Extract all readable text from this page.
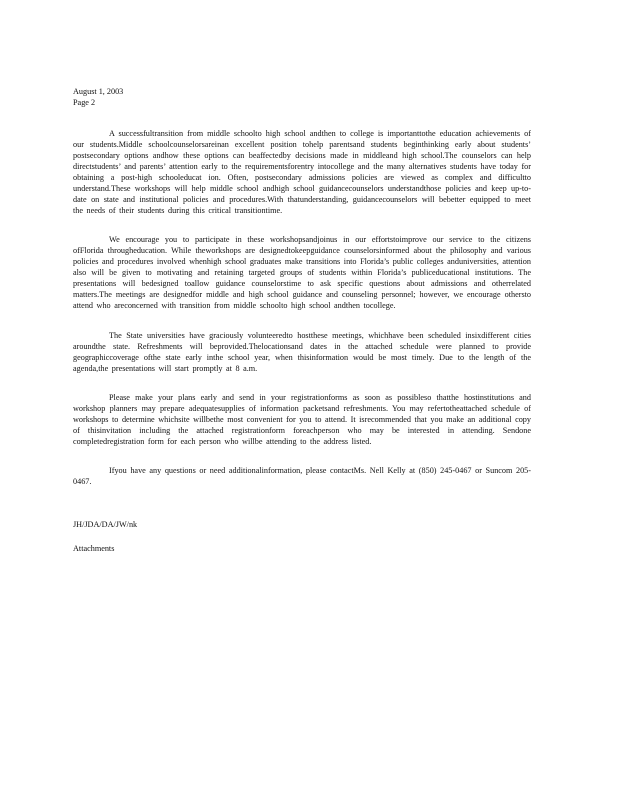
August 1, 2003

Page 2

A successfultransition from middle schoolto high school andthen to college is importanttothe education achievements of our students.Middle schoolcounselorsareinan excellent position tohelp parentsand students beginthinking early about students’ postsecondary options andhow these options can beaffectedby decisions made in middleand high school.The counselors can help directstudents’ and parents’ attention early to the requirementsforentry intocollege and the many alternatives students have today for obtaining a post-high schooleducat ion. Often, postsecondary admissions policies are viewed as complex and difficultto understand.These workshops will help middle school andhigh school guidancecounselors understandthose policies and keep up-to-date on state and institutional policies and procedures.With thatunderstanding, guidancecounselors will bebetter equipped to meet the needs of their students during this critical transitiontime.

We encourage you to participate in these workshopsandjoinus in our effortstoimprove our service to the citizens ofFlorida througheducation. While theworkshops are designedtokeepguidance counselorsinformed about the philosophy and various policies and procedures involved whenhigh school graduates make transitions into Florida’s public colleges anduniversities, attention also will be given to motivating and retaining targeted groups of students within Florida’s publiceducational institutions. The presentations will bedesigned toallow guidance counselorstime to ask specific questions about admissions and otherrelated matters.The meetings are designedfor middle and high school guidance and counseling personnel; however, we encourage othersto attend who areconcerned with transition from middle schoolto high school andthen tocollege.

The State universities have graciously volunteeredto hostthese meetings, whichhave been scheduled insixdifferent cities aroundthe state. Refreshments will beprovided.Thelocationsand dates in the attached schedule were planned to provide geographiccoverage ofthe state early inthe school year, when thisinformation would be most timely. Due to the length of the agenda,the presentations will start promptly at 8 a.m.

Please make your plans early and send in your registrationforms as soon as possibleso thatthe hostinstitutions and workshop planners may prepare adequatesupplies of information packetsand refreshments. You may refertotheattached schedule of workshops to determine whichsite willbethe most convenient for you to attend. It isrecommended that you make an additional copy of thisinvitation including the attached registrationform foreachperson who may be interested in attending. Sendone completedregistration form for each person who willbe attending to the address listed.

Ifyou have any questions or need additionalinformation, please contactMs. Nell Kelly at (850) 245-0467 or Suncom 205-0467.

JH/JDA/DA/JW/nk

Attachments
